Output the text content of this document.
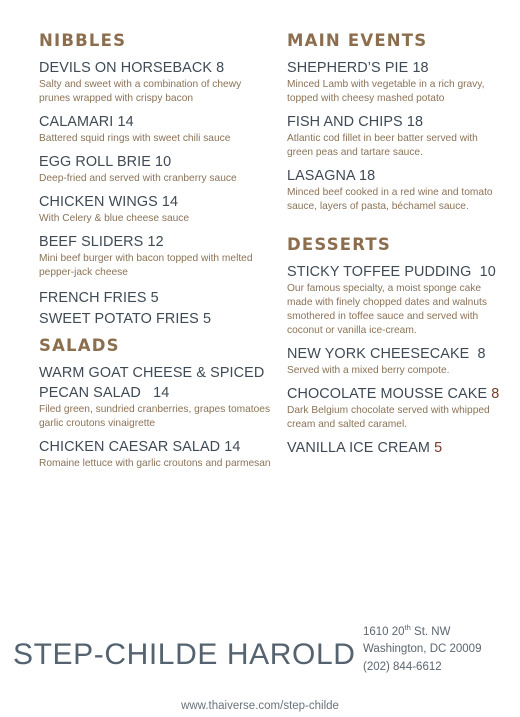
NIBBLES
DEVILS ON HORSEBACK 8
Salty and sweet with a combination of chewy prunes wrapped with crispy bacon
CALAMARI 14
Battered squid rings with sweet chili sauce
EGG ROLL BRIE 10
Deep-fried and served with cranberry sauce
CHICKEN WINGS 14
With Celery & blue cheese sauce
BEEF SLIDERS 12
Mini beef burger with bacon topped with melted pepper-jack cheese
FRENCH FRIES 5
SWEET POTATO FRIES 5
SALADS
WARM GOAT CHEESE & SPICED
PECAN SALAD   14
Filed green, sundried cranberries, grapes tomatoes garlic croutons vinaigrette
CHICKEN CAESAR SALAD 14
Romaine lettuce with garlic croutons and parmesan
MAIN EVENTS
SHEPHERD’S PIE 18
Minced Lamb with vegetable in a rich gravy, topped with cheesy mashed potato
FISH AND CHIPS 18
Atlantic cod fillet in beer batter served with green peas and tartare sauce.
LASAGNA 18
Minced beef cooked in a red wine and tomato sauce, layers of pasta, béchamel sauce.
DESSERTS
STICKY TOFFEE PUDDING  10
Our famous specialty, a moist sponge cake made with finely chopped dates and walnuts smothered in toffee sauce and served with coconut or vanilla ice-cream.
NEW YORK CHEESECAKE  8
Served with a mixed berry compote.
CHOCOLATE MOUSSE CAKE 8
Dark Belgium chocolate served with whipped cream and salted caramel.
VANILLA ICE CREAM 5
STEP-CHILDE HAROLD
1610 20th St. NW
Washington, DC 20009
(202) 844-6612
www.thaiverse.com/step-childe
